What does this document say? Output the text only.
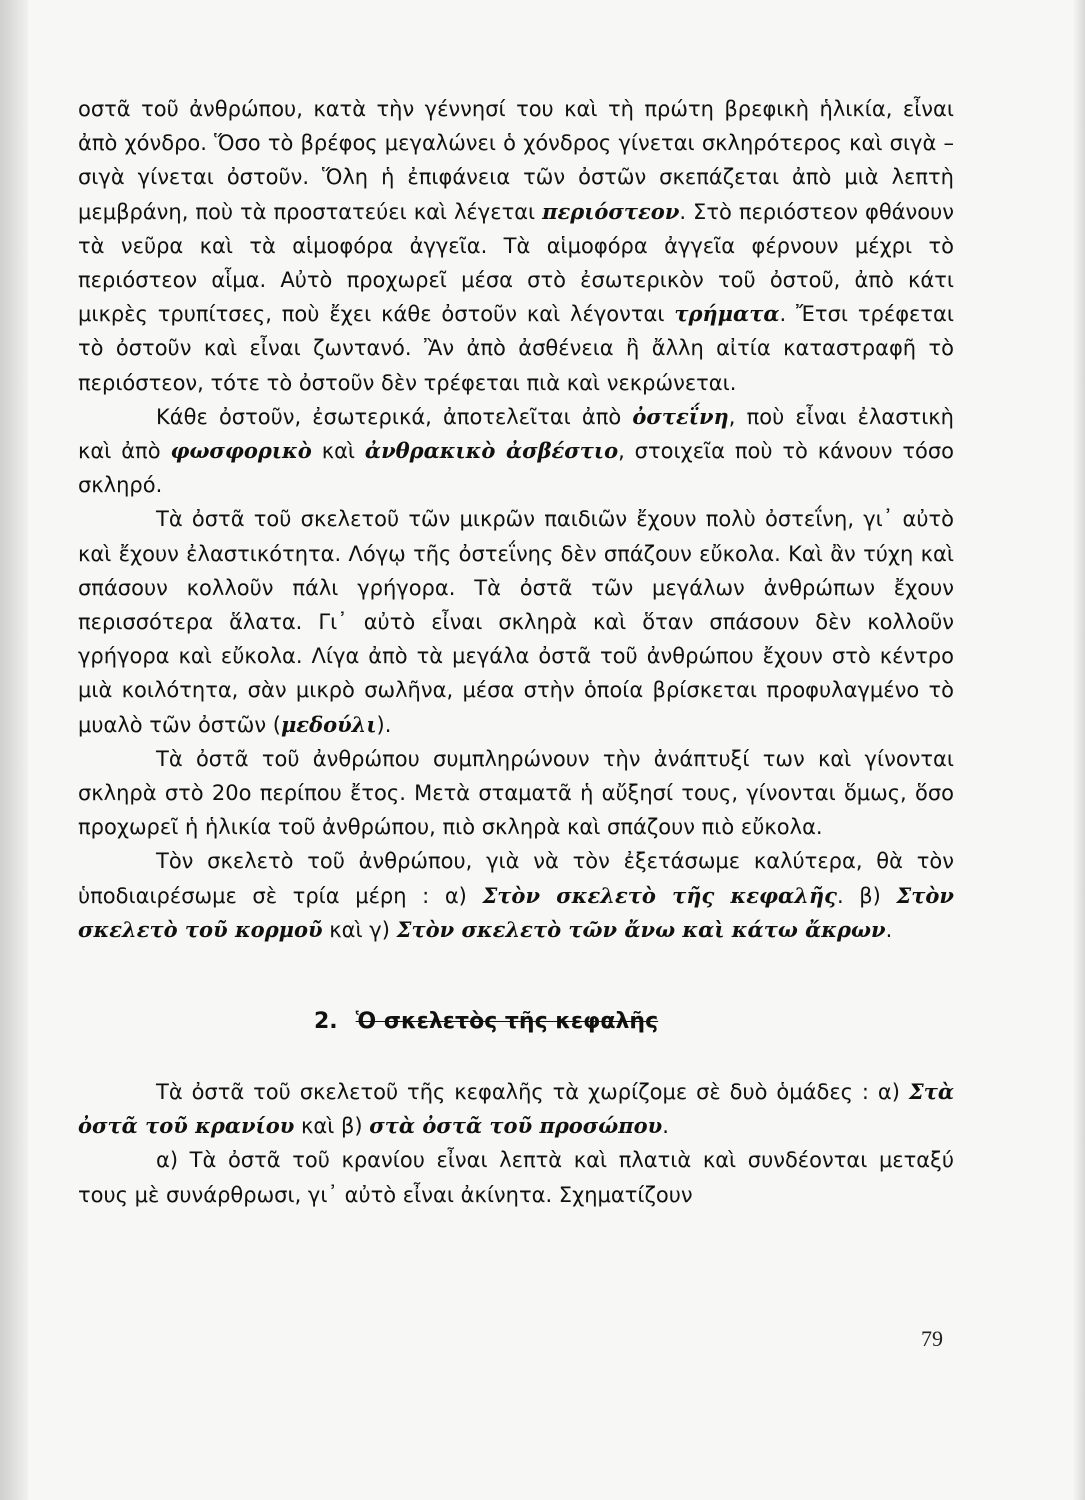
οστᾶ τοῦ ἀνθρώπου, κατὰ τὴν γέννησί του καὶ τὴ πρώτη βρεφικὴ ἡλικία, εἶναι ἀπὸ χόνδρο. Ὅσο τὸ βρέφος μεγαλώνει ὁ χόνδρος γίνεται σκληρότερος καὶ σιγὰ –σιγὰ γίνεται ὀστοῦν. Ὅλη ἡ ἐπιφάνεια τῶν ὀστῶν σκεπάζεται ἀπὸ μιὰ λεπτὴ μεμβράνη, ποὺ τὰ προστατεύει καὶ λέγεται περιόστεον. Στὸ περιόστεον φθάνουν τὰ νεῦρα καὶ τὰ αἱμοφόρα ἀγγεῖα. Τὰ αἱμοφόρα ἀγγεῖα φέρνουν μέχρι τὸ περιόστεον αἷμα. Αὐτὸ προχωρεῖ μέσα στὸ ἐσωτερικὸν τοῦ ὀστοῦ, ἀπὸ κάτι μικρὲς τρυπίτσες, ποὺ ἔχει κάθε ὀστοῦν καὶ λέγονται τρήματα. Ἔτσι τρέφεται τὸ ὀστοῦν καὶ εἶναι ζωντανό. Ἂν ἀπὸ ἀσθένεια ἢ ἄλλη αἰτία καταστραφῆ τὸ περιόστεον, τότε τὸ ὀστοῦν δὲν τρέφεται πιὰ καὶ νεκρώνεται.

Κάθε ὀστοῦν, ἐσωτερικά, ἀποτελεῖται ἀπὸ ὀστεΐνη, ποὺ εἶναι ἐλαστικὴ καὶ ἀπὸ φωσφορικὸ καὶ ἀνθρακικὸ ἀσβέστιο, στοιχεῖα ποὺ τὸ κάνουν τόσο σκληρό.

Τὰ ὀστᾶ τοῦ σκελετοῦ τῶν μικρῶν παιδιῶν ἔχουν πολὺ ὀστεΐνη, γι᾿ αὐτὸ καὶ ἔχουν ἐλαστικότητα. Λόγῳ τῆς ὀστεΐνης δὲν σπάζουν εὔκολα. Καὶ ἂν τύχη καὶ σπάσουν κολλοῦν πάλι γρήγορα. Τὰ ὀστᾶ τῶν μεγάλων ἀνθρώπων ἔχουν περισσότερα ἅλατα. Γι᾿ αὐτὸ εἶναι σκληρὰ καὶ ὅταν σπάσουν δὲν κολλοῦν γρήγορα καὶ εὔκολα. Λίγα ἀπὸ τὰ μεγάλα ὀστᾶ τοῦ ἀνθρώπου ἔχουν στὸ κέντρο μιὰ κοιλότητα, σὰν μικρὸ σωλῆνα, μέσα στὴν ὁποία βρίσκεται προφυλαγμένο τὸ μυαλὸ τῶν ὀστῶν (μεδούλι).

Τὰ ὀστᾶ τοῦ ἀνθρώπου συμπληρώνουν τὴν ἀνάπτυξί των καὶ γίνονται σκληρὰ στὸ 20ο περίπου ἔτος. Μετὰ σταματᾶ ἡ αὔξησί τους, γίνονται ὅμως, ὅσο προχωρεῖ ἡ ἡλικία τοῦ ἀνθρώπου, πιὸ σκληρὰ καὶ σπάζουν πιὸ εὔκολα.

Τὸν σκελετὸ τοῦ ἀνθρώπου, γιὰ νὰ τὸν ἐξετάσωμε καλύτερα, θὰ τὸν ὑποδιαιρέσωμε σὲ τρία μέρη : α) Στὸν σκελετὸ τῆς κεφαλῆς. β) Στὸν σκελετὸ τοῦ κορμοῦ καὶ γ) Στὸν σκελετὸ τῶν ἄνω καὶ κάτω ἄκρων.

2. Ὁ σκελετὸς τῆς κεφαλῆς

Τὰ ὀστᾶ τοῦ σκελετοῦ τῆς κεφαλῆς τὰ χωρίζομε σὲ δυὸ ὁμάδες : α) Στὰ ὀστᾶ τοῦ κρανίου καὶ β) στὰ ὀστᾶ τοῦ προσώπου.

α) Τὰ ὀστᾶ τοῦ κρανίου εἶναι λεπτὰ καὶ πλατιὰ καὶ συνδέονται μεταξύ τους μὲ συνάρθρωσι, γι᾿ αὐτὸ εἶναι ἀκίνητα. Σχηματίζουν

79
